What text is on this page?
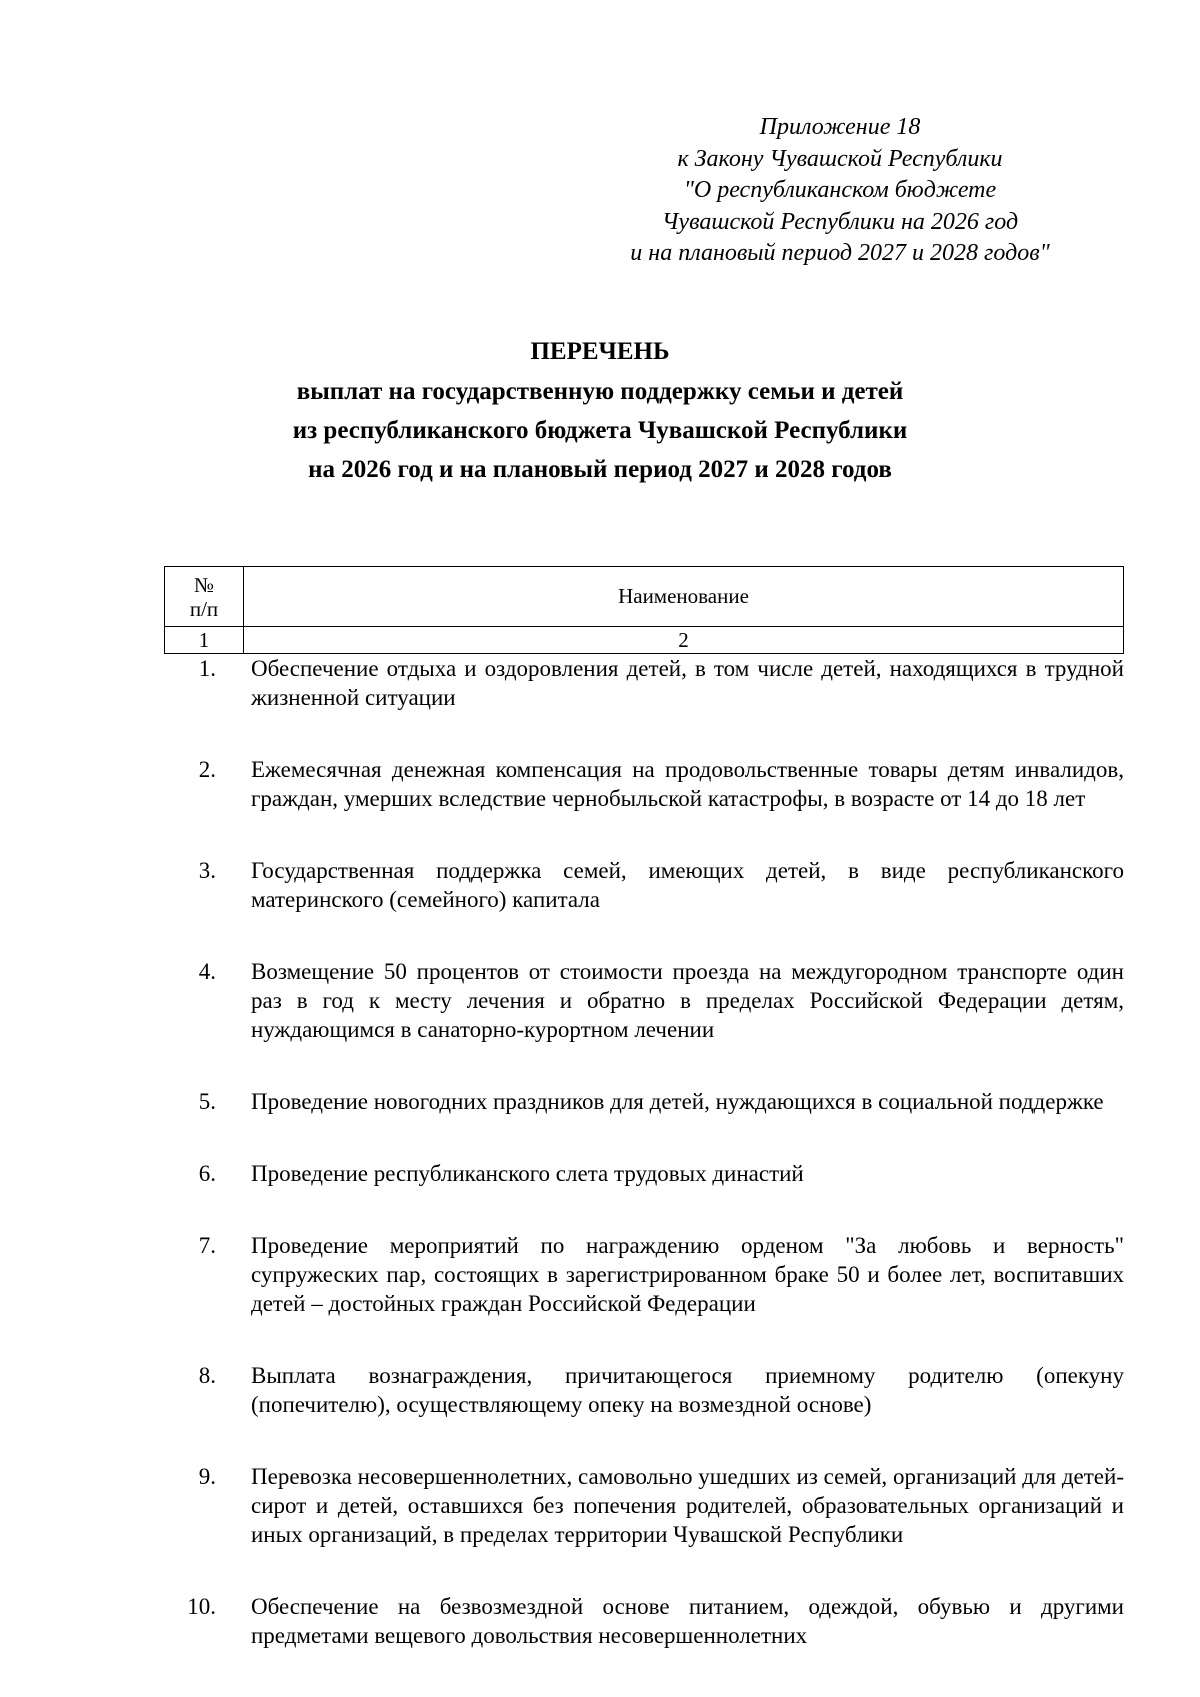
Приложение 18
к Закону Чувашской Республики
"О республиканском бюджете
Чувашской Республики на 2026 год
и на плановый период 2027 и 2028 годов"
ПЕРЕЧЕНЬ
выплат на государственную поддержку семьи и детей
из республиканского бюджета Чувашской Республики
на 2026 год и на плановый период 2027 и 2028 годов
№
п/п	Наименование
1	2
1. Обеспечение отдыха и оздоровления детей, в том числе детей, находящихся в трудной жизненной ситуации
2. Ежемесячная денежная компенсация на продовольственные товары детям инвалидов, граждан, умерших вследствие чернобыльской катастрофы, в возрасте от 14 до 18 лет
3. Государственная поддержка семей, имеющих детей, в виде республиканского материнского (семейного) капитала
4. Возмещение 50 процентов от стоимости проезда на междугородном транспорте один раз в год к месту лечения и обратно в пределах Российской Федерации детям, нуждающимся в санаторно-курортном лечении
5. Проведение новогодних праздников для детей, нуждающихся в социальной поддержке
6. Проведение республиканского слета трудовых династий
7. Проведение мероприятий по награждению орденом "За любовь и верность" супружеских пар, состоящих в зарегистрированном браке 50 и более лет, воспитавших детей – достойных граждан Российской Федерации
8. Выплата вознаграждения, причитающегося приемному родителю (опекуну (попечителю), осуществляющему опеку на возмездной основе)
9. Перевозка несовершеннолетних, самовольно ушедших из семей, организаций для детей-сирот и детей, оставшихся без попечения родителей, образовательных организаций и иных организаций, в пределах территории Чувашской Республики
10. Обеспечение на безвозмездной основе питанием, одеждой, обувью и другими предметами вещевого довольствия несовершеннолетних
